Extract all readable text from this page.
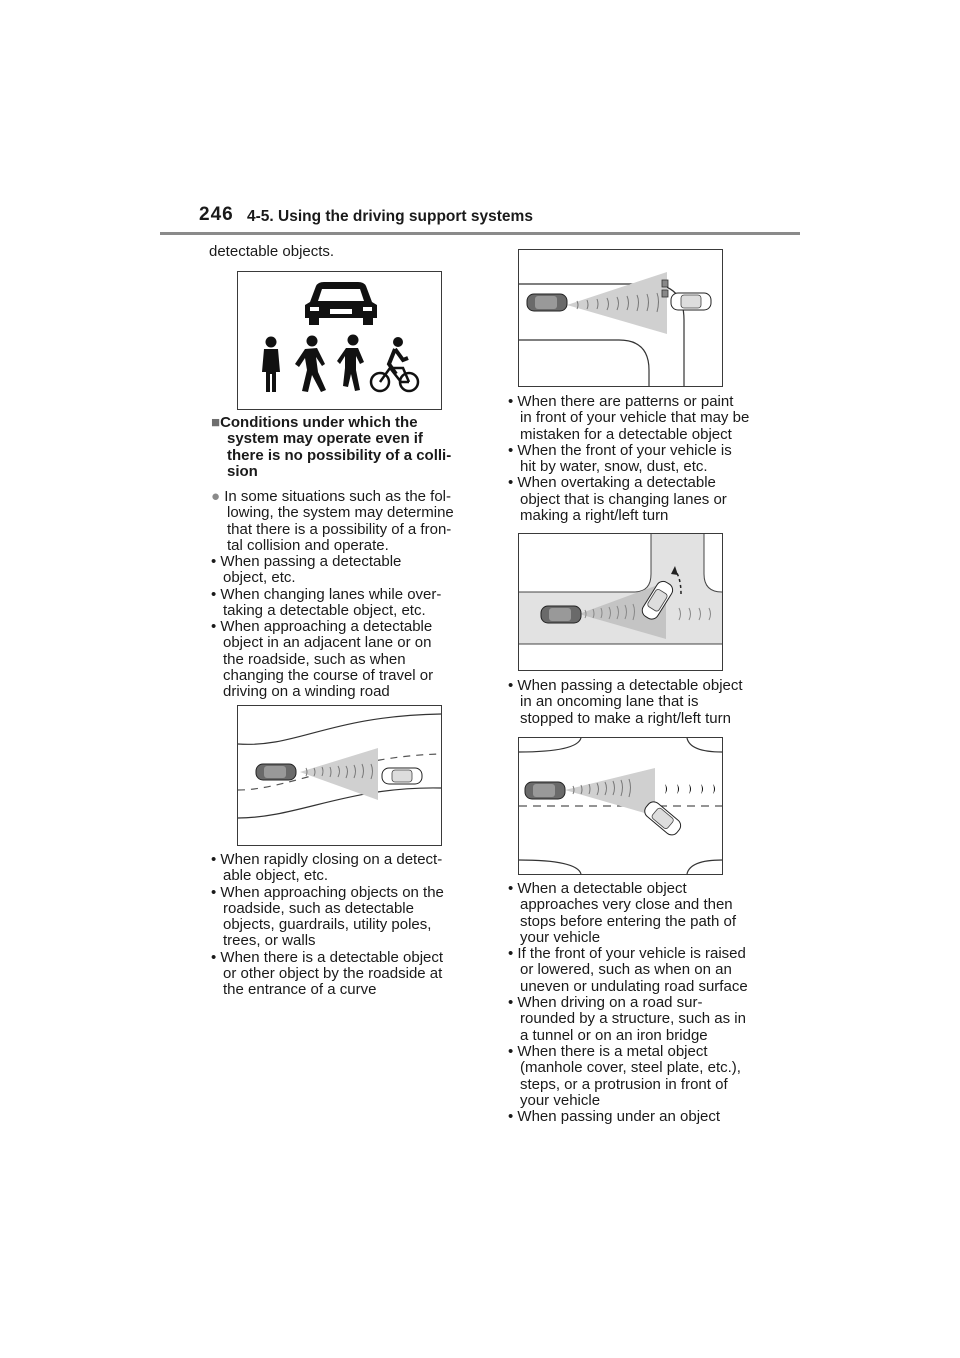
246 4-5. Using the driving support systems
detectable objects.
■Conditions under which the
system may operate even if
there is no possibility of a colli-
sion
● In some situations such as the fol-
lowing, the system may determine
that there is a possibility of a fron-
tal collision and operate.
• When passing a detectable
object, etc.
• When changing lanes while over-
taking a detectable object, etc.
• When approaching a detectable
object in an adjacent lane or on
the roadside, such as when
changing the course of travel or
driving on a winding road
• When rapidly closing on a detect-
able object, etc.
• When approaching objects on the
roadside, such as detectable
objects, guardrails, utility poles,
trees, or walls
• When there is a detectable object
or other object by the roadside at
the entrance of a curve
• When there are patterns or paint
in front of your vehicle that may be
mistaken for a detectable object
• When the front of your vehicle is
hit by water, snow, dust, etc.
• When overtaking a detectable
object that is changing lanes or
making a right/left turn
• When passing a detectable object
in an oncoming lane that is
stopped to make a right/left turn
• When a detectable object
approaches very close and then
stops before entering the path of
your vehicle
• If the front of your vehicle is raised
or lowered, such as when on an
uneven or undulating road surface
• When driving on a road sur-
rounded by a structure, such as in
a tunnel or on an iron bridge
• When there is a metal object
(manhole cover, steel plate, etc.),
steps, or a protrusion in front of
your vehicle
• When passing under an object
